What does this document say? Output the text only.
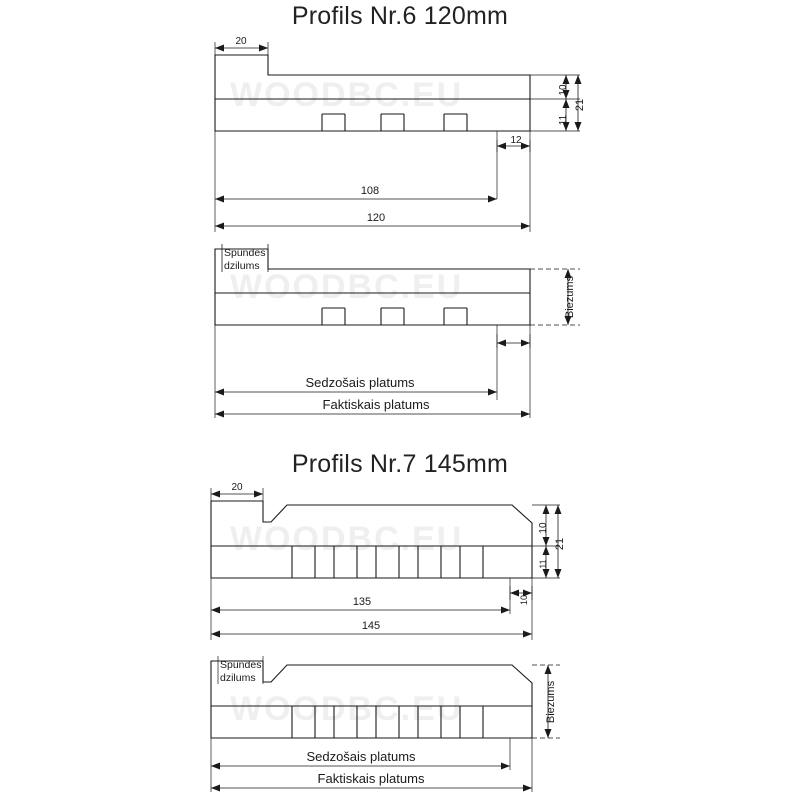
Profils Nr.6 120mm
Profils Nr.7 145mm
WOODBC.EU
WOODBC.EU
WOODBC.EU
WOODBC.EU
20
10
11
21
12
108
120
Spundes
dzilums
Biezums
Sedzošais platums
Faktiskais platums
20
10
11
21
10
135
145
Spundes
dzilums
Biezums
Sedzošais platums
Faktiskais platums
